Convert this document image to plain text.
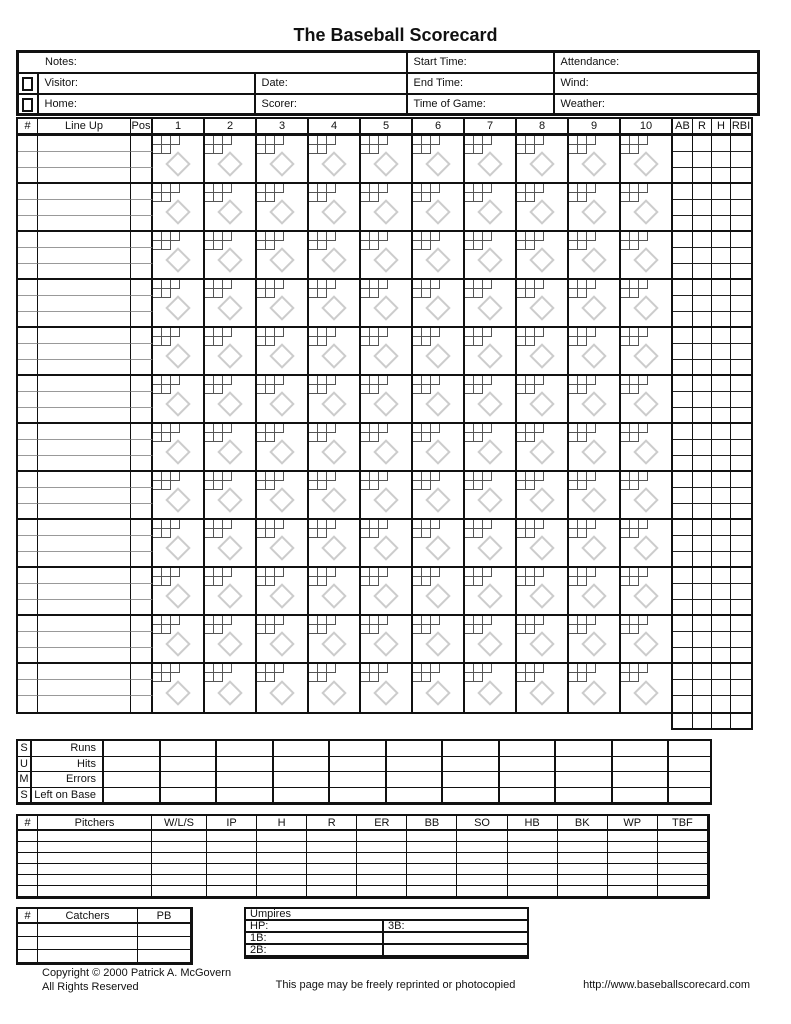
The Baseball Scorecard
Notes:			Start Time:	Attendance:

	Visitor:	Date:	End Time:	Wind:

	Home:	Scorer:	Time of Game:	Weather:
#	Line Up	Pos	1	2	3	4	5	6	7	8	9	10	AB R	H RBI
S	Runs
U	Hits
M	Errors
S Left on Base
#	Pitchers	W/L/S	IP	H	R	ER	BB	SO	HB	BK	WP	TBF
#	Catchers	PB	Umpires
HP:	3B:
1B:
2B:
Copyright © 2000 Patrick A. McGovern
All Rights Reserved	This page may be freely reprinted or photocopied	http://www.baseballscorecard.com
